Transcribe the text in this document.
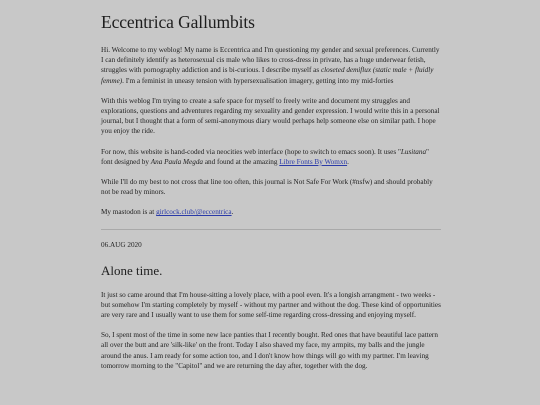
Eccentrica Gallumbits

Hi. Welcome to my weblog! My name is Eccentrica and I'm questioning my gender and sexual preferences. Currently I can definitely identify as heterosexual cis male who likes to cross-dress in private, has a huge underwear fetish, struggles with pornography addiction and is bi-curious. I describe myself as closeted demiflux (static male + fluidly femme). I'm a feminist in uneasy tension with hypersexualisation imagery, getting into my mid-forties

With this weblog I'm trying to create a safe space for myself to freely write and document my struggles and explorations, questions and adventures regarding my sexuality and gender expression. I would write this in a personal journal, but I thought that a form of semi-anonymous diary would perhaps help someone else on similar path. I hope you enjoy the ride.

For now, this website is hand-coded via neocities web interface (hope to switch to emacs soon). It uses "Lusitana" font designed by Ana Paula Megda and found at the amazing Libre Fonts By Womxn.

While I'll do my best to not cross that line too often, this journal is Not Safe For Work (#nsfw) and should probably not be read by minors.

My mastodon is at girlcock.club/@eccentrica.

06.AUG 2020
Alone time.

It just so came around that I'm house-sitting a lovely place, with a pool even. It's a longish arrangment - two weeks - but somehow I'm starting completely by myself - without my partner and without the dog. These kind of opportunities are very rare and I usually want to use them for some self-time regarding cross-dressing and enjoying myself.

So, I spent most of the time in some new lace panties that I recently bought. Red ones that have beautiful lace pattern all over the butt and are 'silk-like' on the front. Today I also shaved my face, my armpits, my balls and the jungle around the anus. I am ready for some action too, and I don't know how things will go with my partner. I'm leaving tomorrow morning to the "Capitol" and we are returning the day after, together with the dog.
